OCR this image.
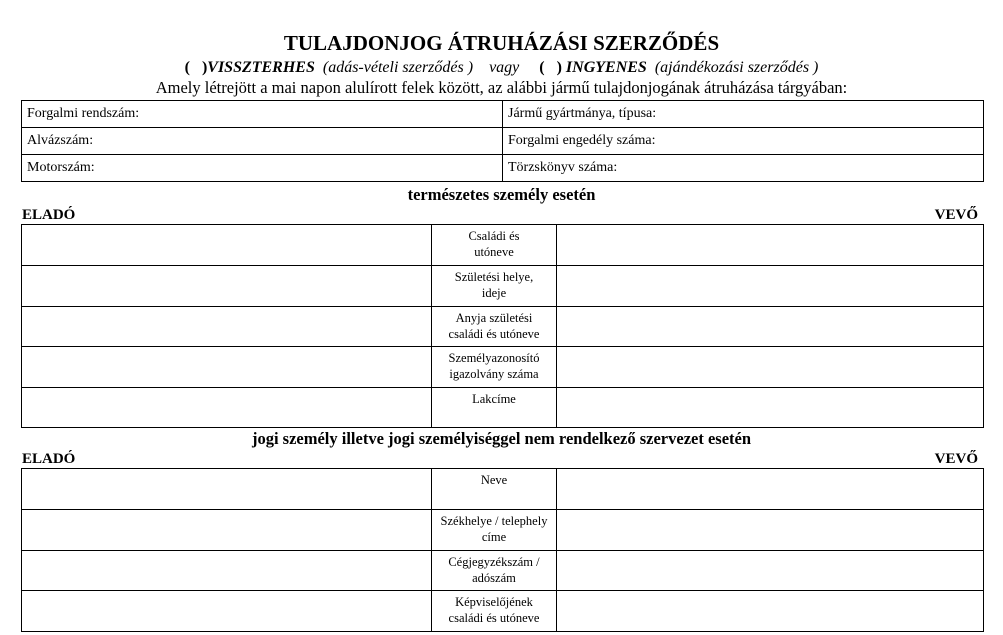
TULAJDONJOG ÁTRUHÁZÁSI SZERZŐDÉS
(   )VISSZTERHES (adás-vételi szerződés ) vagy (   ) INGYENES (ajándékozási szerződés )
Amely létrejött a mai napon alulírott felek között, az alábbi jármű tulajdonjogának átruházása tárgyában:
Forgalmi rendszám:	Jármű gyártmánya, típusa:
Alvázszám:	Forgalmi engedély száma:
Motorszám:	Törzskönyv száma:
természetes személy esetén
ELADÓ	VEVŐ
	Családi és
utóneve	
	Születési helye,
ideje	
	Anyja születési
családi és utóneve	
	Személyazonosító
igazolvány száma	
	Lakcíme

jogi személy illetve jogi személyiséggel nem rendelkező szervezet esetén
ELADÓ	VEVŐ
	Neve

	Székhelye / telephely
címe	
	Cégjegyzékszám /
adószám	
	Képviselőjének
családi és utóneve	
